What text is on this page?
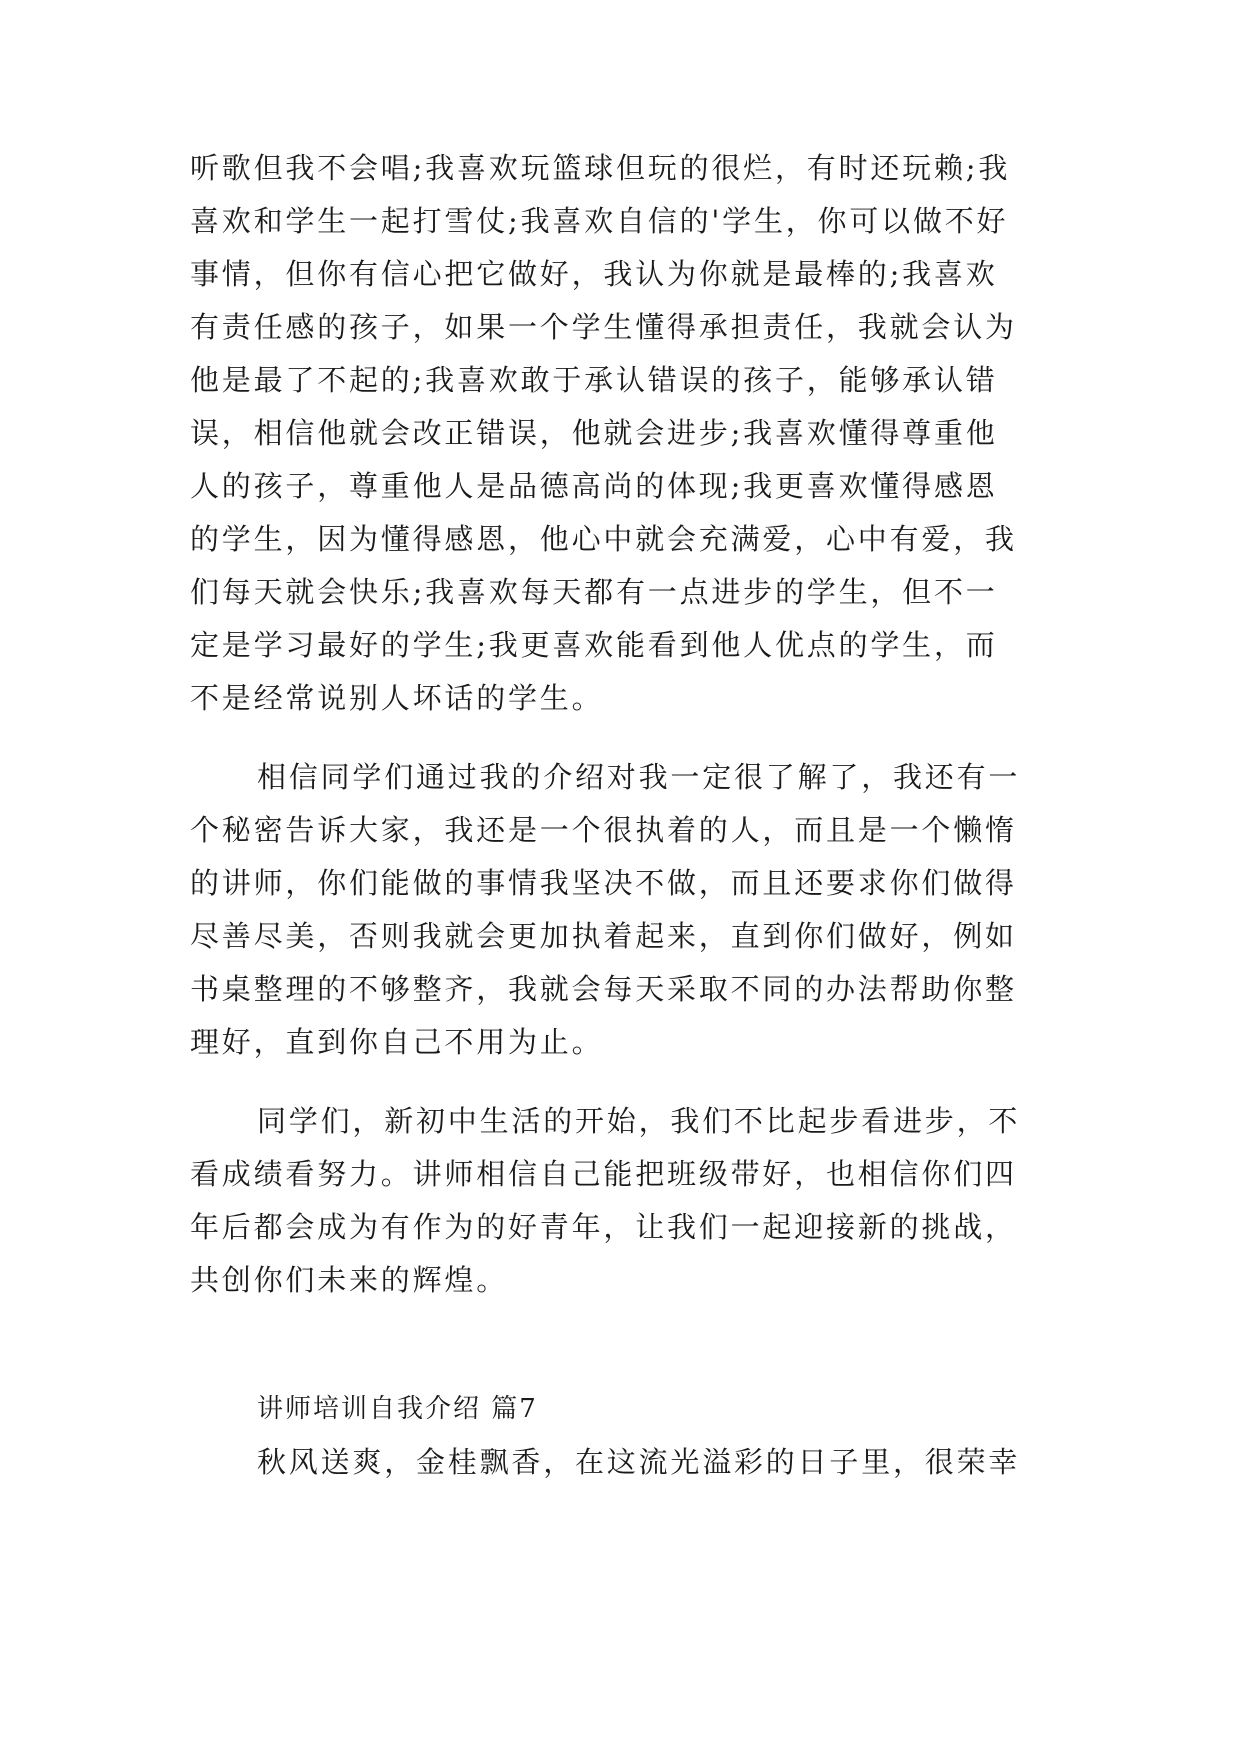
听歌但我不会唱;我喜欢玩篮球但玩的很烂，有时还玩赖;我
喜欢和学生一起打雪仗;我喜欢自信的'学生，你可以做不好
事情，但你有信心把它做好，我认为你就是最棒的;我喜欢
有责任感的孩子，如果一个学生懂得承担责任，我就会认为
他是最了不起的;我喜欢敢于承认错误的孩子，能够承认错
误，相信他就会改正错误，他就会进步;我喜欢懂得尊重他
人的孩子，尊重他人是品德高尚的体现;我更喜欢懂得感恩
的学生，因为懂得感恩，他心中就会充满爱，心中有爱，我
们每天就会快乐;我喜欢每天都有一点进步的学生，但不一
定是学习最好的学生;我更喜欢能看到他人优点的学生，而
不是经常说别人坏话的学生。
相信同学们通过我的介绍对我一定很了解了，我还有一
个秘密告诉大家，我还是一个很执着的人，而且是一个懒惰
的讲师，你们能做的事情我坚决不做，而且还要求你们做得
尽善尽美，否则我就会更加执着起来，直到你们做好，例如
书桌整理的不够整齐，我就会每天采取不同的办法帮助你整
理好，直到你自己不用为止。
同学们，新初中生活的开始，我们不比起步看进步，不
看成绩看努力。讲师相信自己能把班级带好，也相信你们四
年后都会成为有作为的好青年，让我们一起迎接新的挑战，
共创你们未来的辉煌。
讲师培训自我介绍 篇7
秋风送爽，金桂飘香，在这流光溢彩的日子里，很荣幸
